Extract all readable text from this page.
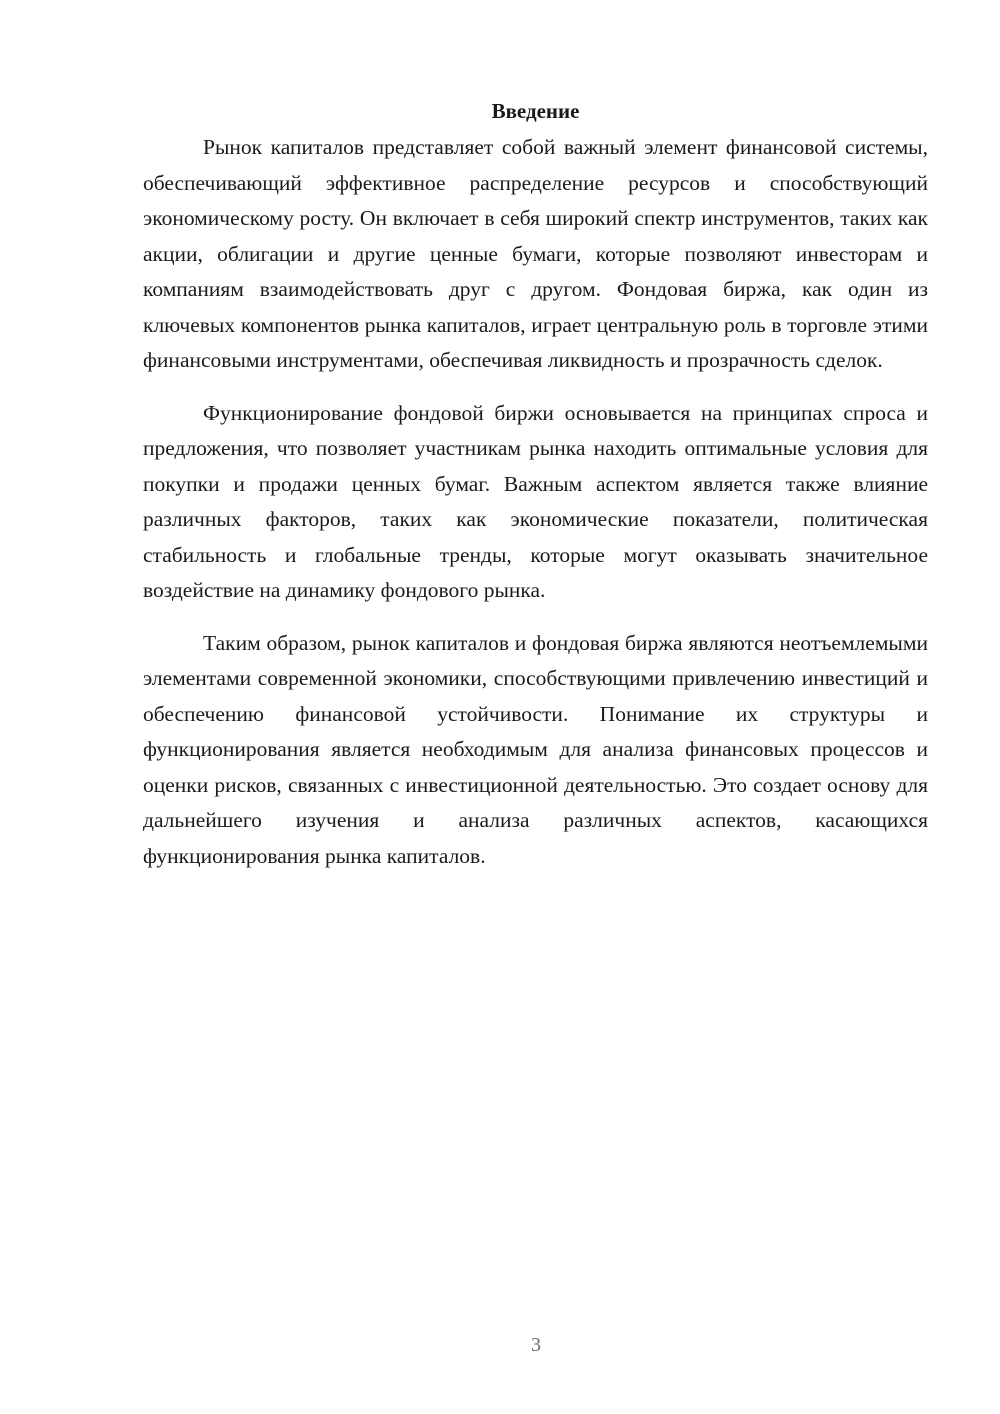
Введение

Рынок капиталов представляет собой важный элемент финансовой системы, обеспечивающий эффективное распределение ресурсов и способствующий экономическому росту. Он включает в себя широкий спектр инструментов, таких как акции, облигации и другие ценные бумаги, которые позволяют инвесторам и компаниям взаимодействовать друг с другом. Фондовая биржа, как один из ключевых компонентов рынка капиталов, играет центральную роль в торговле этими финансовыми инструментами, обеспечивая ликвидность и прозрачность сделок.

Функционирование фондовой биржи основывается на принципах спроса и предложения, что позволяет участникам рынка находить оптимальные условия для покупки и продажи ценных бумаг. Важным аспектом является также влияние различных факторов, таких как экономические показатели, политическая стабильность и глобальные тренды, которые могут оказывать значительное воздействие на динамику фондового рынка.

Таким образом, рынок капиталов и фондовая биржа являются неотъемлемыми элементами современной экономики, способствующими привлечению инвестиций и обеспечению финансовой устойчивости. Понимание их структуры и функционирования является необходимым для анализа финансовых процессов и оценки рисков, связанных с инвестиционной деятельностью. Это создает основу для дальнейшего изучения и анализа различных аспектов, касающихся функционирования рынка капиталов.

3
